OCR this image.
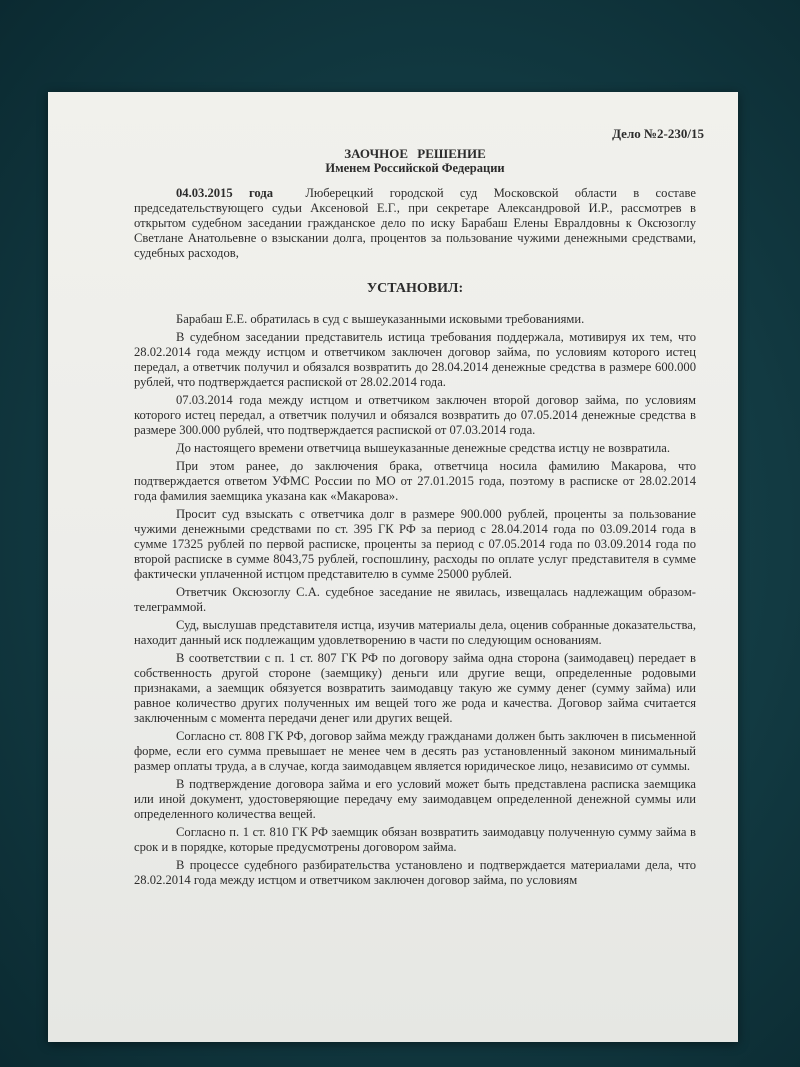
Дело №2-230/15
ЗАОЧНОЕ РЕШЕНИЕ
Именем Российской Федерации

04.03.2015 года	Люберецкий городской суд Московской области в составе председательствующего судьи Аксеновой Е.Г., при секретаре Александровой И.Р., рассмотрев в открытом судебном заседании гражданское дело по иску Барабаш Елены Евралдовны к Оксюзоглу Светлане Анатольевне о взыскании долга, процентов за пользование чужими денежными средствами, судебных расходов,

УСТАНОВИЛ:

Барабаш Е.Е. обратилась в суд с вышеуказанными исковыми требованиями.

В судебном заседании представитель истица требования поддержала, мотивируя их тем, что 28.02.2014 года между истцом и ответчиком заключен договор займа, по условиям которого истец передал, а ответчик получил и обязался возвратить до 28.04.2014 денежные средства в размере 600.000 рублей, что подтверждается распиской от 28.02.2014 года.

07.03.2014 года между истцом и ответчиком заключен второй договор займа, по условиям которого истец передал, а ответчик получил и обязался возвратить до 07.05.2014 денежные средства в размере 300.000 рублей, что подтверждается распиской от 07.03.2014 года.

До настоящего времени ответчица вышеуказанные денежные средства истцу не возвратила.

При этом ранее, до заключения брака, ответчица носила фамилию Макарова, что подтверждается ответом УФМС России по МО от 27.01.2015 года, поэтому в расписке от 28.02.2014 года фамилия заемщика указана как «Макарова».

Просит суд взыскать с ответчика долг в размере 900.000 рублей, проценты за пользование чужими денежными средствами по ст. 395 ГК РФ за период с 28.04.2014 года по 03.09.2014 года в сумме 17325 рублей по первой расписке, проценты за период с 07.05.2014 года по 03.09.2014 года по второй расписке в сумме 8043,75 рублей, госпошлину, расходы по оплате услуг представителя в сумме фактически уплаченной истцом представителю в сумме 25000 рублей.

Ответчик Оксюзоглу С.А. судебное заседание не явилась, извещалась надлежащим образом- телеграммой.

Суд, выслушав представителя истца, изучив материалы дела, оценив собранные доказательства, находит данный иск подлежащим удовлетворению в части по следующим основаниям.

В соответствии с п. 1 ст. 807 ГК РФ по договору займа одна сторона (заимодавец) передает в собственность другой стороне (заемщику) деньги или другие вещи, определенные родовыми признаками, а заемщик обязуется возвратить заимодавцу такую же сумму денег (сумму займа) или равное количество других полученных им вещей того же рода и качества. Договор займа считается заключенным с момента передачи денег или других вещей.

Согласно ст. 808 ГК РФ, договор займа между гражданами должен быть заключен в письменной форме, если его сумма превышает не менее чем в десять раз установленный законом минимальный размер оплаты труда, а в случае, когда заимодавцем является юридическое лицо, независимо от суммы.

В подтверждение договора займа и его условий может быть представлена расписка заемщика или иной документ, удостоверяющие передачу ему заимодавцем определенной денежной суммы или определенного количества вещей.

Согласно п. 1 ст. 810 ГК РФ заемщик обязан возвратить заимодавцу полученную сумму займа в срок и в порядке, которые предусмотрены договором займа.

В процессе судебного разбирательства установлено и подтверждается материалами дела, что 28.02.2014 года между истцом и ответчиком заключен договор займа, по условиям
